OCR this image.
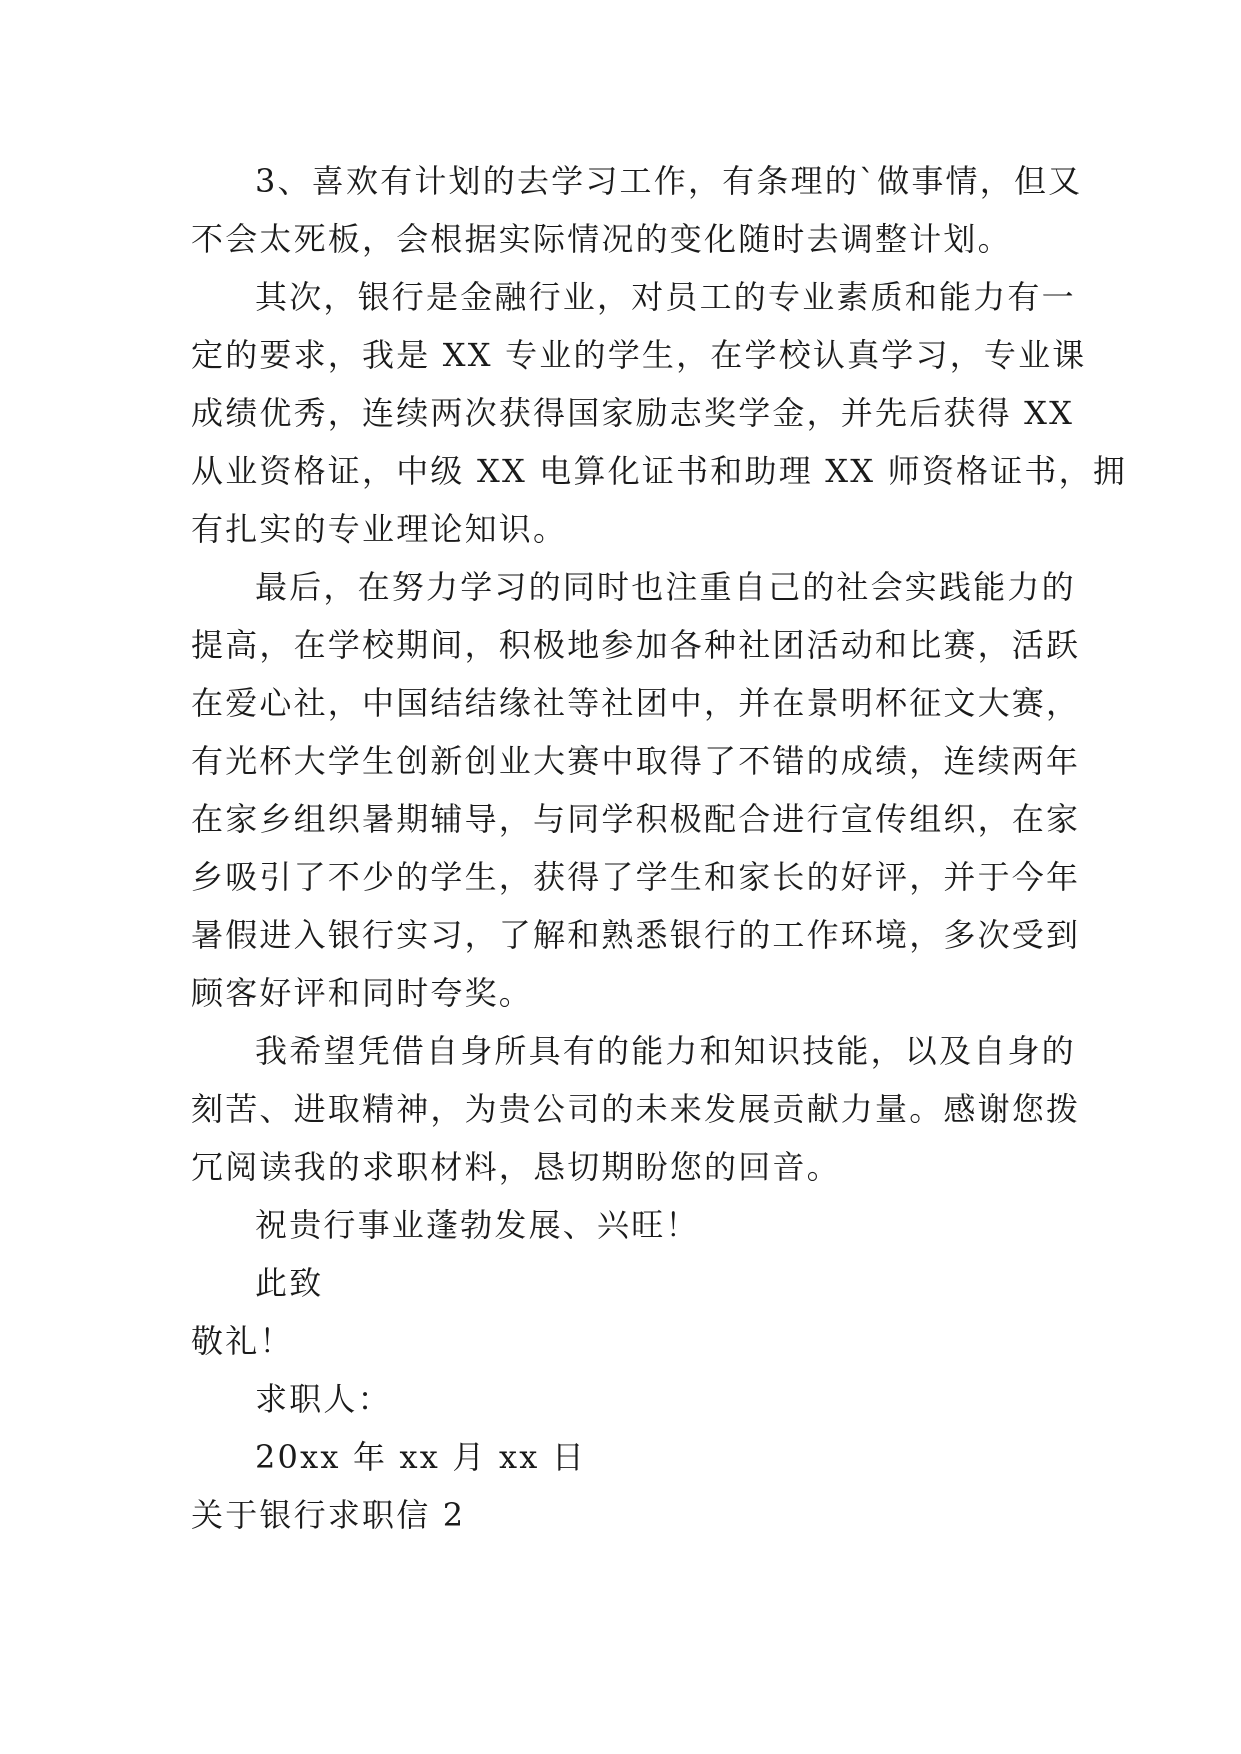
3、喜欢有计划的去学习工作，有条理的`做事情，但又
不会太死板，会根据实际情况的变化随时去调整计划。
其次，银行是金融行业，对员工的专业素质和能力有一
定的要求，我是 XX 专业的学生，在学校认真学习，专业课
成绩优秀，连续两次获得国家励志奖学金，并先后获得 XX
从业资格证，中级 XX 电算化证书和助理 XX 师资格证书，拥
有扎实的专业理论知识。
最后，在努力学习的同时也注重自己的社会实践能力的
提高，在学校期间，积极地参加各种社团活动和比赛，活跃
在爱心社，中国结结缘社等社团中，并在景明杯征文大赛，
有光杯大学生创新创业大赛中取得了不错的成绩，连续两年
在家乡组织暑期辅导，与同学积极配合进行宣传组织，在家
乡吸引了不少的学生，获得了学生和家长的好评，并于今年
暑假进入银行实习，了解和熟悉银行的工作环境，多次受到
顾客好评和同时夸奖。
我希望凭借自身所具有的能力和知识技能，以及自身的
刻苦、进取精神，为贵公司的未来发展贡献力量。感谢您拨
冗阅读我的求职材料，恳切期盼您的回音。
祝贵行事业蓬勃发展、兴旺！
此致
敬礼！
求职人：
20xx 年 xx 月 xx 日
关于银行求职信 2
